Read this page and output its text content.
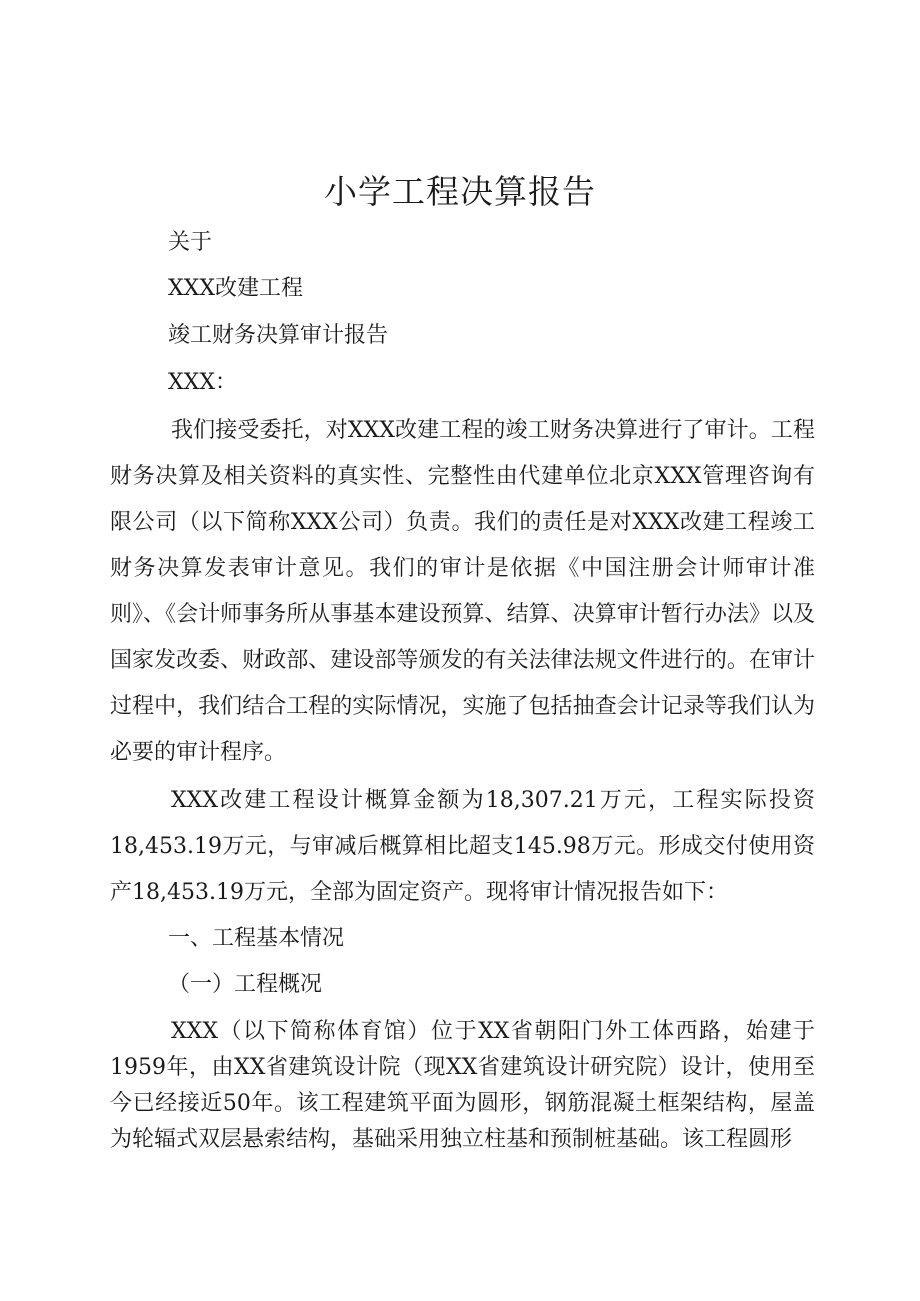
小学工程决算报告
关于
XXX改建工程
竣工财务决算审计报告
XXX：

我们接受委托，对XXX改建工程的竣工财务决算进行了审计。工程财务决算及相关资料的真实性、完整性由代建单位北京XXX管理咨询有限公司（以下简称XXX公司）负责。我们的责任是对XXX改建工程竣工财务决算发表审计意见。我们的审计是依据《中国注册会计师审计准则》、《会计师事务所从事基本建设预算、结算、决算审计暂行办法》以及国家发改委、财政部、建设部等颁发的有关法律法规文件进行的。在审计过程中，我们结合工程的实际情况，实施了包括抽查会计记录等我们认为必要的审计程序。

XXX改建工程设计概算金额为18,307.21万元，工程实际投资18,453.19万元，与审减后概算相比超支145.98万元。形成交付使用资产18,453.19万元，全部为固定资产。现将审计情况报告如下：

一、工程基本情况
（一）工程概况

XXX（以下简称体育馆）位于XX省朝阳门外工体西路，始建于1959年，由XX省建筑设计院（现XX省建筑设计研究院）设计，使用至今已经接近50年。该工程建筑平面为圆形，钢筋混凝土框架结构，屋盖为轮辐式双层悬索结构，基础采用独立柱基和预制桩基础。该工程圆形
